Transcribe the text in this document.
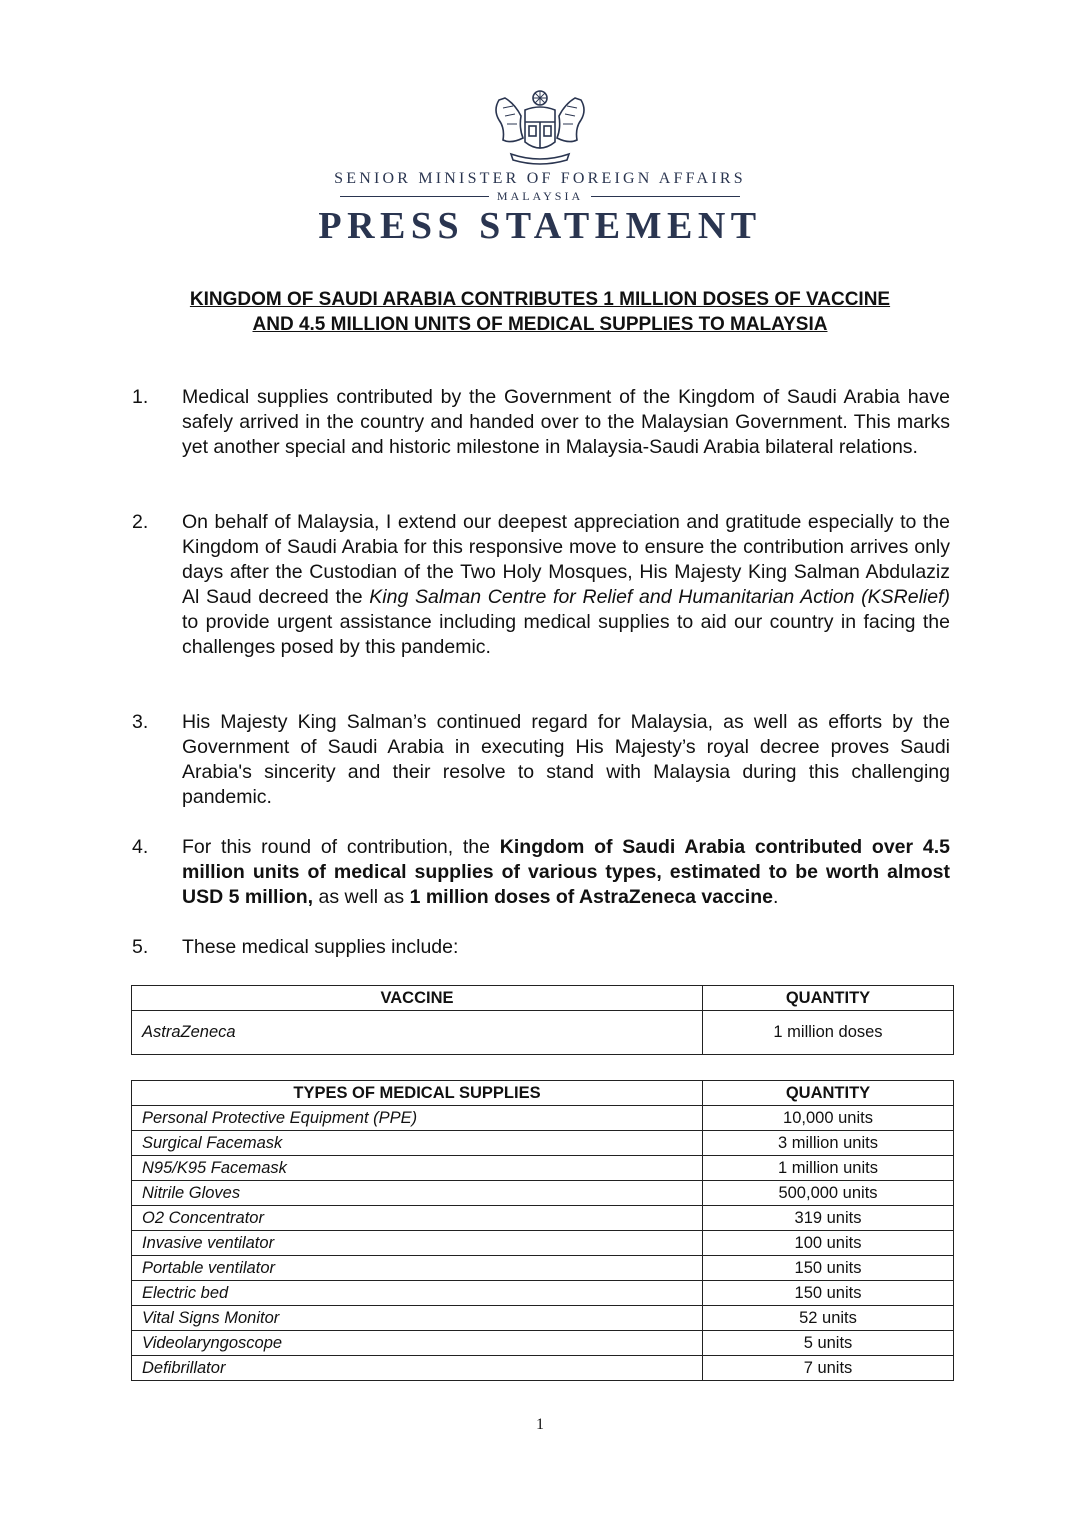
SENIOR MINISTER OF FOREIGN AFFAIRS
MALAYSIA
PRESS STATEMENT
KINGDOM OF SAUDI ARABIA CONTRIBUTES 1 MILLION DOSES OF VACCINE
AND 4.5 MILLION UNITS OF MEDICAL SUPPLIES TO MALAYSIA
1. Medical supplies contributed by the Government of the Kingdom of Saudi Arabia have safely arrived in the country and handed over to the Malaysian Government. This marks yet another special and historic milestone in Malaysia-Saudi Arabia bilateral relations.
2. On behalf of Malaysia, I extend our deepest appreciation and gratitude especially to the Kingdom of Saudi Arabia for this responsive move to ensure the contribution arrives only days after the Custodian of the Two Holy Mosques, His Majesty King Salman Abdulaziz Al Saud decreed the King Salman Centre for Relief and Humanitarian Action (KSRelief) to provide urgent assistance including medical supplies to aid our country in facing the challenges posed by this pandemic.
3. His Majesty King Salman’s continued regard for Malaysia, as well as efforts by the Government of Saudi Arabia in executing His Majesty’s royal decree proves Saudi Arabia's sincerity and their resolve to stand with Malaysia during this challenging pandemic.
4. For this round of contribution, the Kingdom of Saudi Arabia contributed over 4.5 million units of medical supplies of various types, estimated to be worth almost USD 5 million, as well as 1 million doses of AstraZeneca vaccine.
5. These medical supplies include:
VACCINE	QUANTITY
AstraZeneca	1 million doses
TYPES OF MEDICAL SUPPLIES	QUANTITY
Personal Protective Equipment (PPE)	10,000 units
Surgical Facemask	3 million units
N95/K95 Facemask	1 million units
Nitrile Gloves	500,000 units
O2 Concentrator	319 units
Invasive ventilator	100 units
Portable ventilator	150 units
Electric bed	150 units
Vital Signs Monitor	52 units
Videolaryngoscope	5 units
Defibrillator	7 units
1
